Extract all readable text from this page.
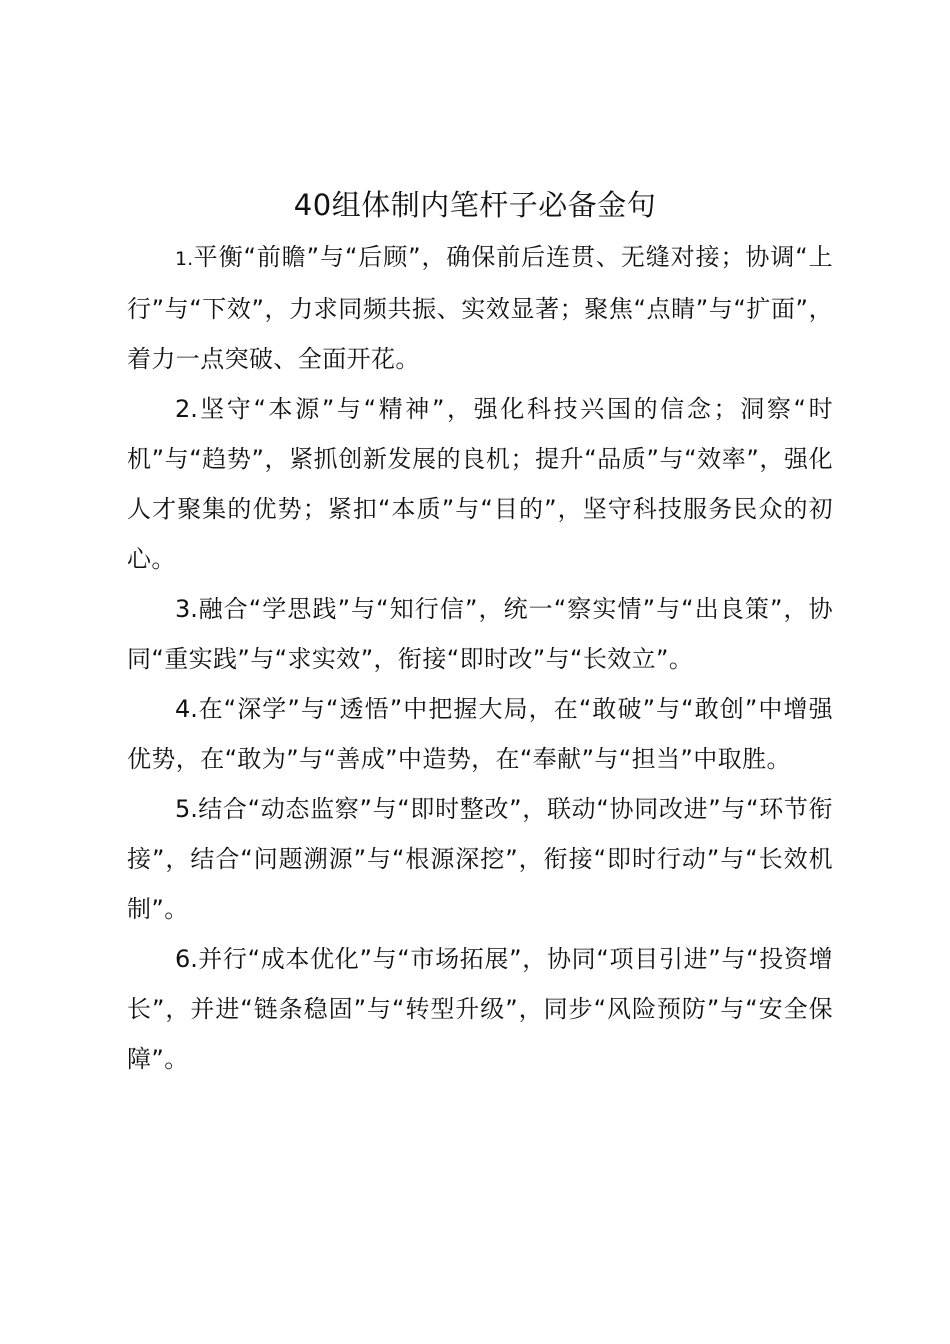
40组体制内笔杆子必备金句

1.平衡“前瞻”与“后顾”，确保前后连贯、无缝对接；协调“上行”与“下效”，力求同频共振、实效显著；聚焦“点睛”与“扩面”，着力一点突破、全面开花。

2.坚守“本源”与“精神”，强化科技兴国的信念；洞察“时机”与“趋势”，紧抓创新发展的良机；提升“品质”与“效率”，强化人才聚集的优势；紧扣“本质”与“目的”，坚守科技服务民众的初心。

3.融合“学思践”与“知行信”，统一“察实情”与“出良策”，协同“重实践”与“求实效”，衔接“即时改”与“长效立”。

4.在“深学”与“透悟”中把握大局，在“敢破”与“敢创”中增强优势，在“敢为”与“善成”中造势，在“奉献”与“担当”中取胜。

5.结合“动态监察”与“即时整改”，联动“协同改进”与“环节衔接”，结合“问题溯源”与“根源深挖”，衔接“即时行动”与“长效机制”。

6.并行“成本优化”与“市场拓展”，协同“项目引进”与“投资增长”，并进“链条稳固”与“转型升级”，同步“风险预防”与“安全保障”。
